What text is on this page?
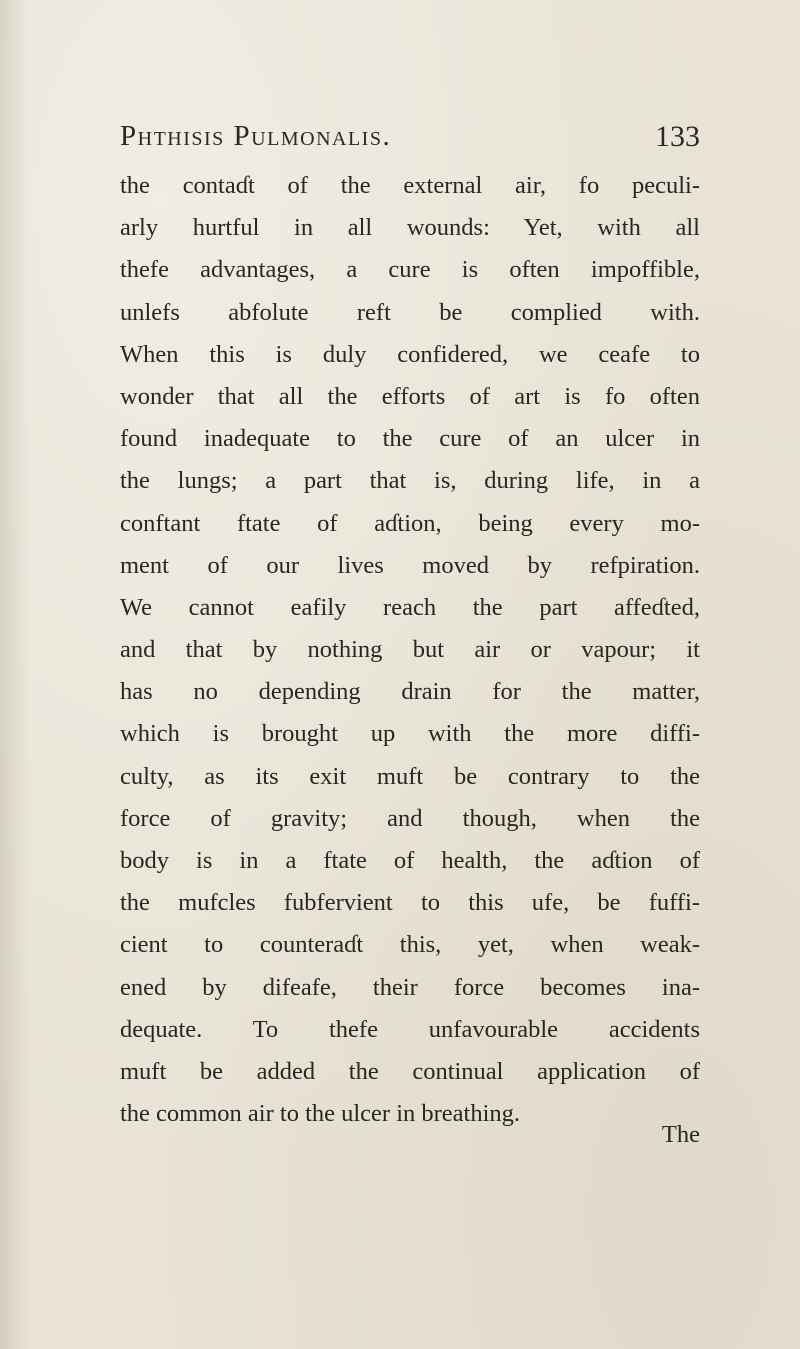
Phthisis Pulmonalis.	133
the contaɗt of the external air, fo peculi-
arly hurtful in all wounds: Yet, with all
thefe advantages, a cure is often impoffible,
unlefs abfolute reft be complied with.
When this is duly confidered, we ceafe to
wonder that all the efforts of art is fo often
found inadequate to the cure of an ulcer in
the lungs; a part that is, during life, in a
conftant ftate of aɗtion, being every mo-
ment of our lives moved by refpiration.
We cannot eafily reach the part affeɗted,
and that by nothing but air or vapour; it
has no depending drain for the matter,
which is brought up with the more diffi-
culty, as its exit muft be contrary to the
force of gravity; and though, when the
body is in a ftate of health, the aɗtion of
the mufcles fubfervient to this ufe, be fuffi-
cient to counteraɗt this, yet, when weak-
ened by difeafe, their force becomes ina-
dequate. To thefe unfavourable accidents
muft be added the continual application of
the common air to the ulcer in breathing.
The
